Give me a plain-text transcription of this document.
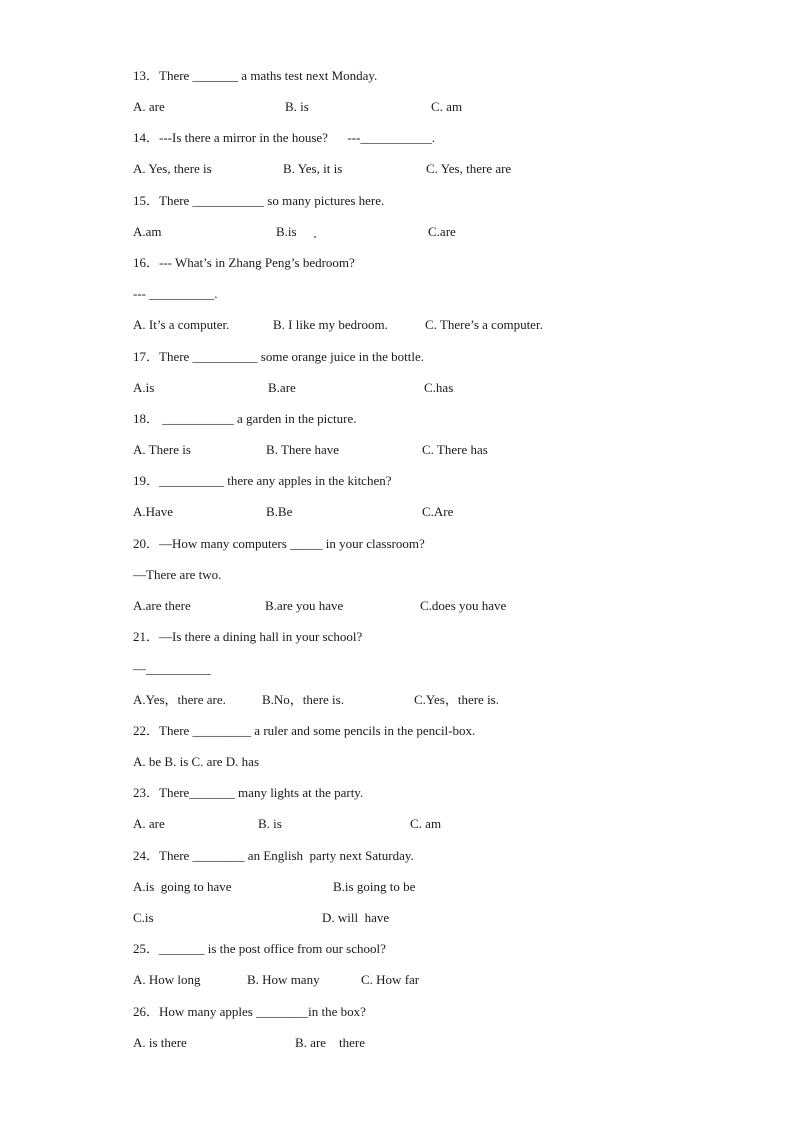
13．There _______ a maths test next Monday.
A. are	B. is	C. am
14．---Is there a mirror in the house?      ---___________.
A. Yes, there is	B. Yes, it is	C. Yes, there are
15．There ___________ so many pictures here.
A.am	B.is	C.are
16．--- What’s in Zhang Peng’s bedroom?
--- __________.
A. It’s a computer.	B. I like my bedroom.	C. There’s a computer.
17．There __________ some orange juice in the bottle.
A.is	B.are	C.has
18． ___________ a garden in the picture.
A. There is	B. There have	C. There has
19．__________ there any apples in the kitchen?
A.Have	B.Be	C.Are
20．—How many computers _____ in your classroom?
—There are two.
A.are there	B.are you have	C.does you have
21．—Is there a dining hall in your school?
—__________
A.Yes，there are.	B.No，there is.	C.Yes，there is.
22．There _________ a ruler and some pencils in the pencil-box.
A. be B. is C. are D. has
23．There_______ many lights at the party.
A. are	B. is	C. am
24．There ________ an English  party next Saturday.
A.is  going to have	B.is going to be
C.is	D. will  have
25．_______ is the post office from our school?
A. How long	B. How many	C. How far
26．How many apples ________in the box?
A. is there	B. are    there
